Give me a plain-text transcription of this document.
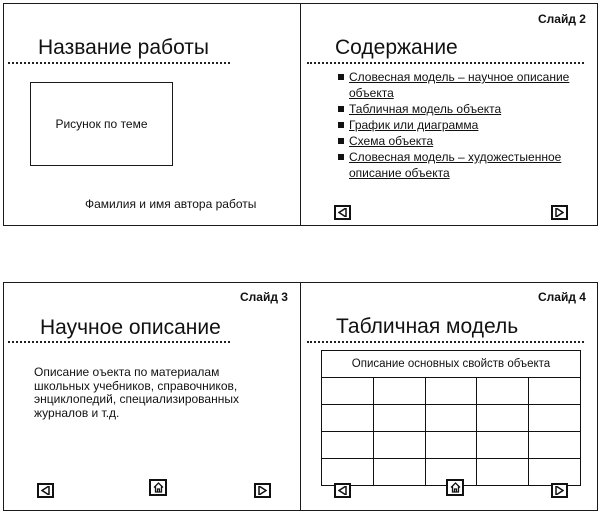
Название работы
Рисунок по теме
Фамилия и имя автора работы
Слайд 2
Содержание
Словесная модель – научное описание
объекта
Табличная модель объекта
График или диаграмма
Схема объекта
Словесная модель – художестыенное
описание объекта
Слайд 3
Научное описание
Описание оъекта по материалам
школьных учебников, справочников,
энциклопедий, специализированных
журналов и т.д.
Слайд 4
Табличная модель
Описание основных свойств объекта				
